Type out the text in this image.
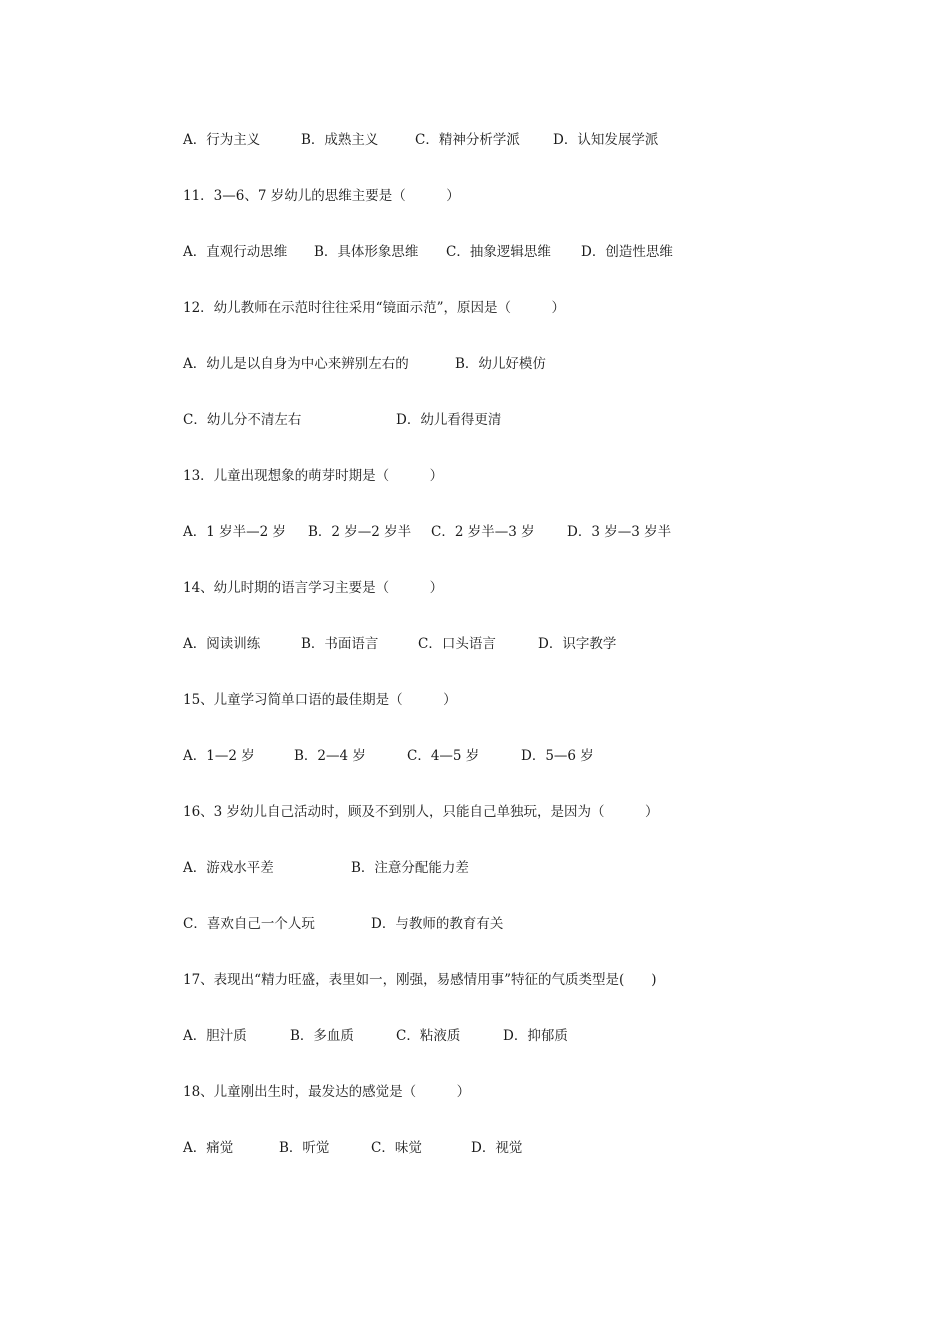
A．行为主义

	B．成熟主义

	C．精神分析学派

D．认知发展学派

11．3—6、7 岁幼儿的思维主要是（　　　）

A．直观行动思维

B．具体形象思维

C．抽象逻辑思维

D．创造性思维

12．幼儿教师在示范时往往采用“镜面示范”，原因是（　　　）

A．幼儿是以自身为中心来辨别左右的

	B．幼儿好模仿

C．幼儿分不清左右

	D．幼儿看得更清

13．儿童出现想象的萌芽时期是（　　　）

A．1 岁半—2 岁

B．2 岁—2 岁半

C．2 岁半—3 岁

D．3 岁—3 岁半

14、幼儿时期的语言学习主要是（　　　）

A．阅读训练

	B．书面语言

	C．口头语言

	D．识字教学

15、儿童学习简单口语的最佳期是（　　　）

A．1—2 岁

	B．2—4 岁

	C．4—5 岁

	D．5—6 岁

16、3 岁幼儿自己活动时，顾及不到别人，只能自己单独玩，是因为（　　　）

A．游戏水平差

	B．注意分配能力差

C．喜欢自己一个人玩

	D．与教师的教育有关

17、表现出“精力旺盛，表里如一，刚强，易感情用事”特征的气质类型是(　　)

A．胆汁质

	B．多血质

	C．粘液质

	D．抑郁质

18、儿童刚出生时，最发达的感觉是（　　　）

A．痛觉

	B．听觉

	C．味觉

	D．视觉
